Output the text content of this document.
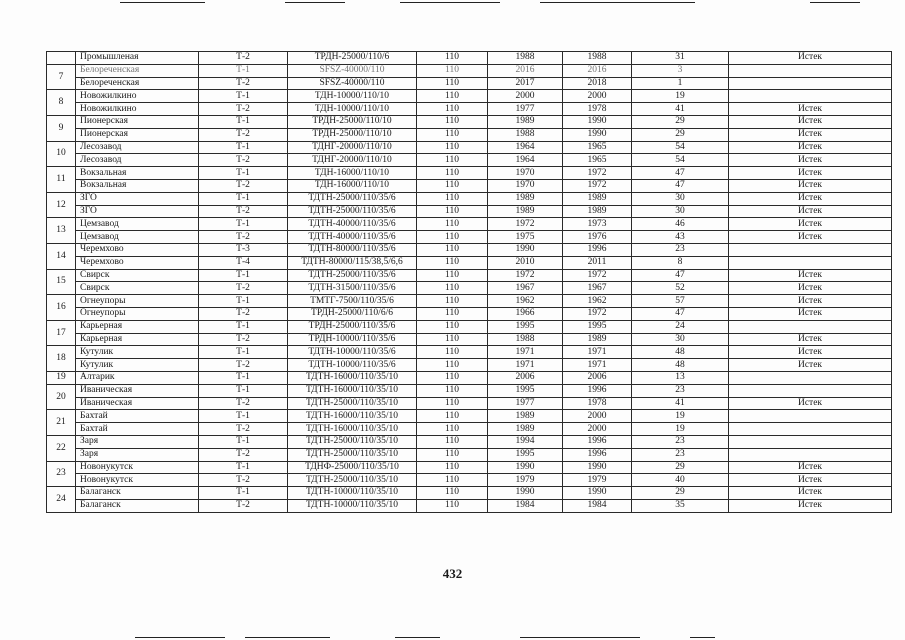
	Промышленая	Т-2	ТРДН-25000/110/6	110	1988	1988	31	Истек
7	Белореченская	Т-1	SFSZ-40000/110	110	2016	2016	3	
	Белореченская	Т-2	SFSZ-40000/110	110	2017	2018	1	
8	Новожилкино	Т-1	ТДН-10000/110/10	110	2000	2000	19	
	Новожилкино	Т-2	ТДН-10000/110/10	110	1977	1978	41	Истек
9	Пионерская	Т-1	ТРДН-25000/110/10	110	1989	1990	29	Истек
	Пионерская	Т-2	ТРДН-25000/110/10	110	1988	1990	29	Истек
10	Лесозавод	Т-1	ТДНГ-20000/110/10	110	1964	1965	54	Истек
	Лесозавод	Т-2	ТДНГ-20000/110/10	110	1964	1965	54	Истек
11	Вокзальная	Т-1	ТДН-16000/110/10	110	1970	1972	47	Истек
	Вокзальная	Т-2	ТДН-16000/110/10	110	1970	1972	47	Истек
12	ЗГО	Т-1	ТДТН-25000/110/35/6	110	1989	1989	30	Истек
	ЗГО	Т-2	ТДТН-25000/110/35/6	110	1989	1989	30	Истек
13	Цемзавод	Т-1	ТДТН-40000/110/35/6	110	1972	1973	46	Истек
	Цемзавод	Т-2	ТДТН-40000/110/35/6	110	1975	1976	43	Истек
14	Черемхово	Т-3	ТДТН-80000/110/35/6	110	1990	1996	23	
	Черемхово	Т-4	ТДТН-80000/115/38,5/6,6	110	2010	2011	8	
15	Свирск	Т-1	ТДТН-25000/110/35/6	110	1972	1972	47	Истек
	Свирск	Т-2	ТДТН-31500/110/35/6	110	1967	1967	52	Истек
16	Огнеупоры	Т-1	ТМТГ-7500/110/35/6	110	1962	1962	57	Истек
	Огнеупоры	Т-2	ТРДН-25000/110/6/6	110	1966	1972	47	Истек
17	Карьерная	Т-1	ТРДН-25000/110/35/6	110	1995	1995	24	
	Карьерная	Т-2	ТРДН-10000/110/35/6	110	1988	1989	30	Истек
18	Кутулик	Т-1	ТДТН-10000/110/35/6	110	1971	1971	48	Истек
	Кутулик	Т-2	ТДТН-10000/110/35/6	110	1971	1971	48	Истек
19	Алтарик	Т-1	ТДТН-16000/110/35/10	110	2006	2006	13	
20	Иваническая	Т-1	ТДТН-16000/110/35/10	110	1995	1996	23	
	Иваническая	Т-2	ТДТН-25000/110/35/10	110	1977	1978	41	Истек
21	Бахтай	Т-1	ТДТН-16000/110/35/10	110	1989	2000	19	
	Бахтай	Т-2	ТДТН-16000/110/35/10	110	1989	2000	19	
22	Заря	Т-1	ТДТН-25000/110/35/10	110	1994	1996	23	
	Заря	Т-2	ТДТН-25000/110/35/10	110	1995	1996	23	
23	Новонукутск	Т-1	ТДНФ-25000/110/35/10	110	1990	1990	29	Истек
	Новонукутск	Т-2	ТДТН-25000/110/35/10	110	1979	1979	40	Истек
24	Балаганск	Т-1	ТДТН-10000/110/35/10	110	1990	1990	29	Истек
	Балаганск	Т-2	ТДТН-10000/110/35/10	110	1984	1984	35	Истек
432
